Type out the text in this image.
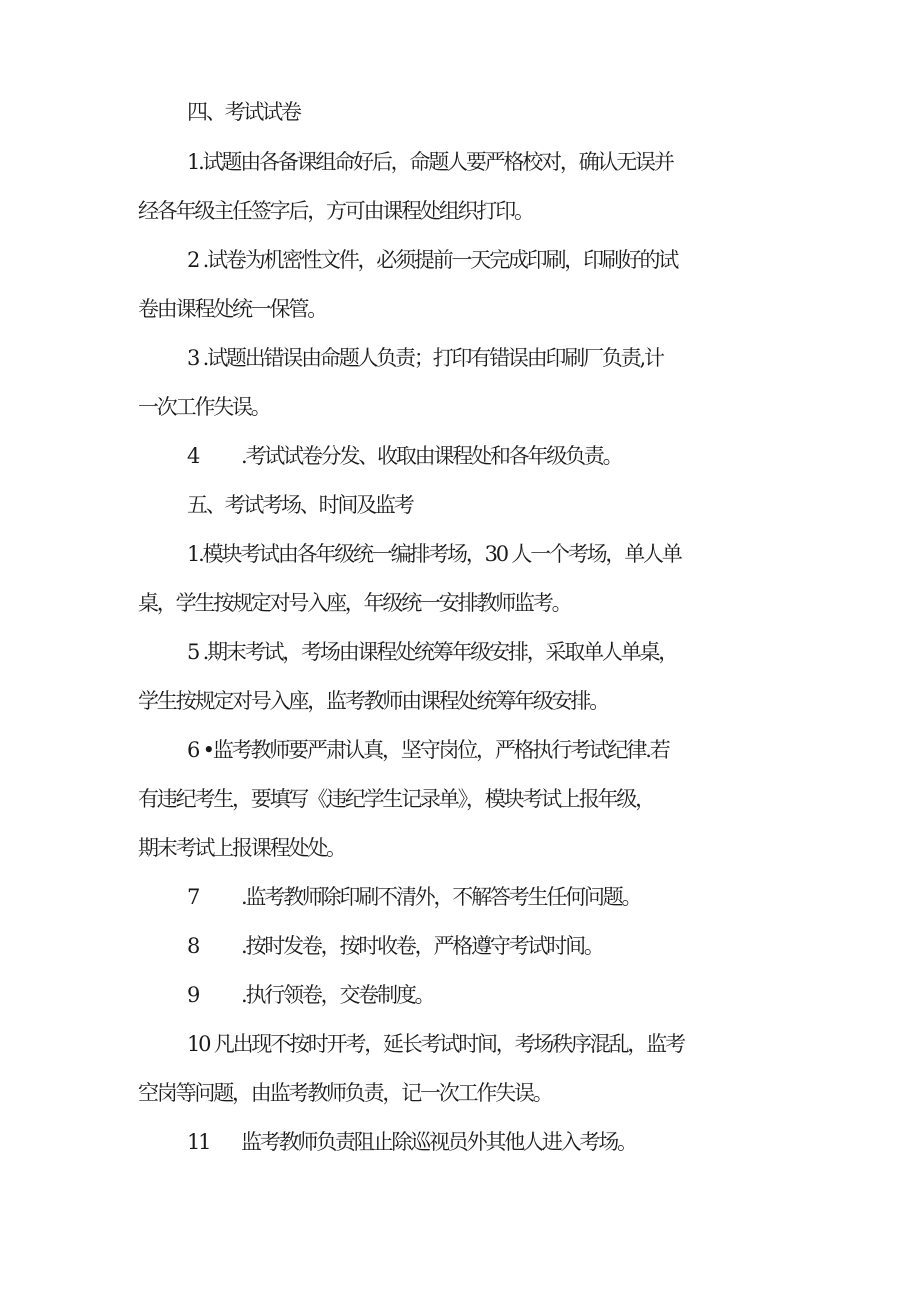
四、考试试卷
1.试题由各备课组命好后，命题人要严格校对，确认无误并
经各年级主任签字后，方可由课程处组织打印。
2 .试卷为机密性文件，必须提前一天完成印刷，印刷好的试
卷由课程处统一保管。
3 .试题出错误由命题人负责；打印有错误由印刷厂负责,计
一次工作失误。
4 .考试试卷分发、收取由课程处和各年级负责。
五、考试考场、时间及监考
1.模块考试由各年级统一编排考场，30 人一个考场，单人单
桌，学生按规定对号入座，年级统一安排教师监考。
5 .期末考试，考场由课程处统筹年级安排，采取单人单桌，
学生按规定对号入座，监考教师由课程处统筹年级安排。
6 •监考教师要严肃认真，坚守岗位，严格执行考试纪律.若
有违纪考生，要填写《违纪学生记录单》，模块考试上报年级，
期末考试上报课程处处。
7 .监考教师除印刷不清外，不解答考生任何问题。
8 .按时发卷，按时收卷，严格遵守考试时间。
9 .执行领卷，交卷制度。
10 凡出现不按时开考，延长考试时间，考场秩序混乱，监考
空岗等问题，由监考教师负责，记一次工作失误。
11 监考教师负责阻止除巡视员外其他人进入考场。
